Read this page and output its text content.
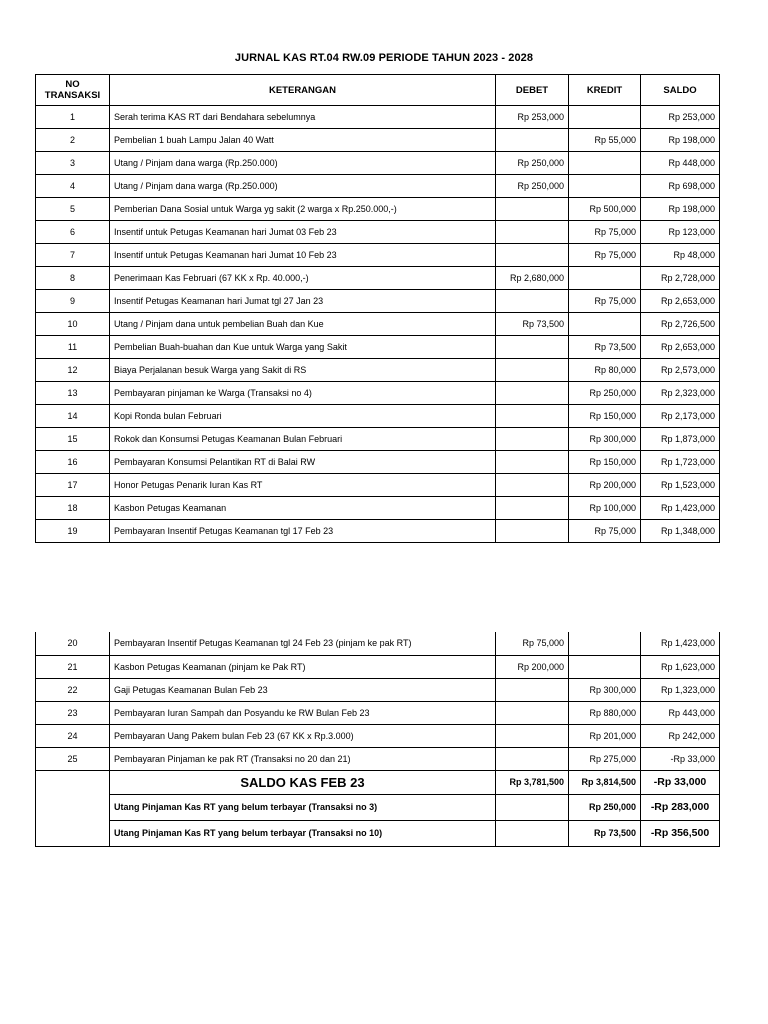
JURNAL KAS RT.04 RW.09 PERIODE TAHUN 2023 - 2028
NO TRANSAKSI	KETERANGAN	DEBET	KREDIT	SALDO
1	Serah terima KAS RT dari Bendahara sebelumnya	Rp 253,000		Rp 253,000
2	Pembelian 1 buah Lampu Jalan 40 Watt		Rp 55,000	Rp 198,000
3	Utang / Pinjam dana warga (Rp.250.000)	Rp 250,000		Rp 448,000
4	Utang / Pinjam dana warga (Rp.250.000)	Rp 250,000		Rp 698,000
5	Pemberian Dana Sosial untuk Warga yg sakit (2 warga x Rp.250.000,-)		Rp 500,000	Rp 198,000
6	Insentif untuk Petugas Keamanan hari Jumat 03 Feb 23		Rp 75,000	Rp 123,000
7	Insentif untuk Petugas Keamanan hari Jumat 10 Feb 23		Rp 75,000	Rp 48,000
8	Penerimaan Kas Februari (67 KK x Rp. 40.000,-)	Rp 2,680,000		Rp 2,728,000
9	Insentif Petugas Keamanan hari Jumat tgl 27 Jan 23		Rp 75,000	Rp 2,653,000
10	Utang / Pinjam dana untuk pembelian Buah dan Kue	Rp 73,500		Rp 2,726,500
11	Pembelian Buah-buahan dan Kue untuk Warga yang Sakit		Rp 73,500	Rp 2,653,000
12	Biaya Perjalanan besuk Warga yang Sakit di RS		Rp 80,000	Rp 2,573,000
13	Pembayaran pinjaman ke Warga (Transaksi no 4)		Rp 250,000	Rp 2,323,000
14	Kopi Ronda bulan Februari		Rp 150,000	Rp 2,173,000
15	Rokok dan Konsumsi Petugas Keamanan Bulan Februari		Rp 300,000	Rp 1,873,000
16	Pembayaran Konsumsi Pelantikan RT di Balai RW		Rp 150,000	Rp 1,723,000
17	Honor Petugas Penarik Iuran Kas RT		Rp 200,000	Rp 1,523,000
18	Kasbon Petugas Keamanan		Rp 100,000	Rp 1,423,000
19	Pembayaran Insentif Petugas Keamanan tgl 17 Feb 23		Rp 75,000	Rp 1,348,000
20	Pembayaran Insentif Petugas Keamanan tgl 24 Feb 23 (pinjam ke pak RT)	Rp 75,000		Rp 1,423,000
21	Kasbon Petugas Keamanan (pinjam ke Pak RT)	Rp 200,000		Rp 1,623,000
22	Gaji Petugas Keamanan Bulan Feb 23		Rp 300,000	Rp 1,323,000
23	Pembayaran Iuran Sampah dan Posyandu ke RW Bulan Feb 23		Rp 880,000	Rp 443,000
24	Pembayaran Uang Pakem bulan Feb 23 (67 KK x Rp.3.000)		Rp 201,000	Rp 242,000
25	Pembayaran Pinjaman ke pak RT (Transaksi no 20 dan 21)		Rp 275,000	-Rp 33,000
	SALDO KAS FEB 23	Rp 3,781,500	Rp 3,814,500	-Rp 33,000
	Utang Pinjaman Kas RT yang belum terbayar (Transaksi no 3)		Rp 250,000	-Rp 283,000
	Utang Pinjaman Kas RT yang belum terbayar (Transaksi no 10)		Rp 73,500	-Rp 356,500
